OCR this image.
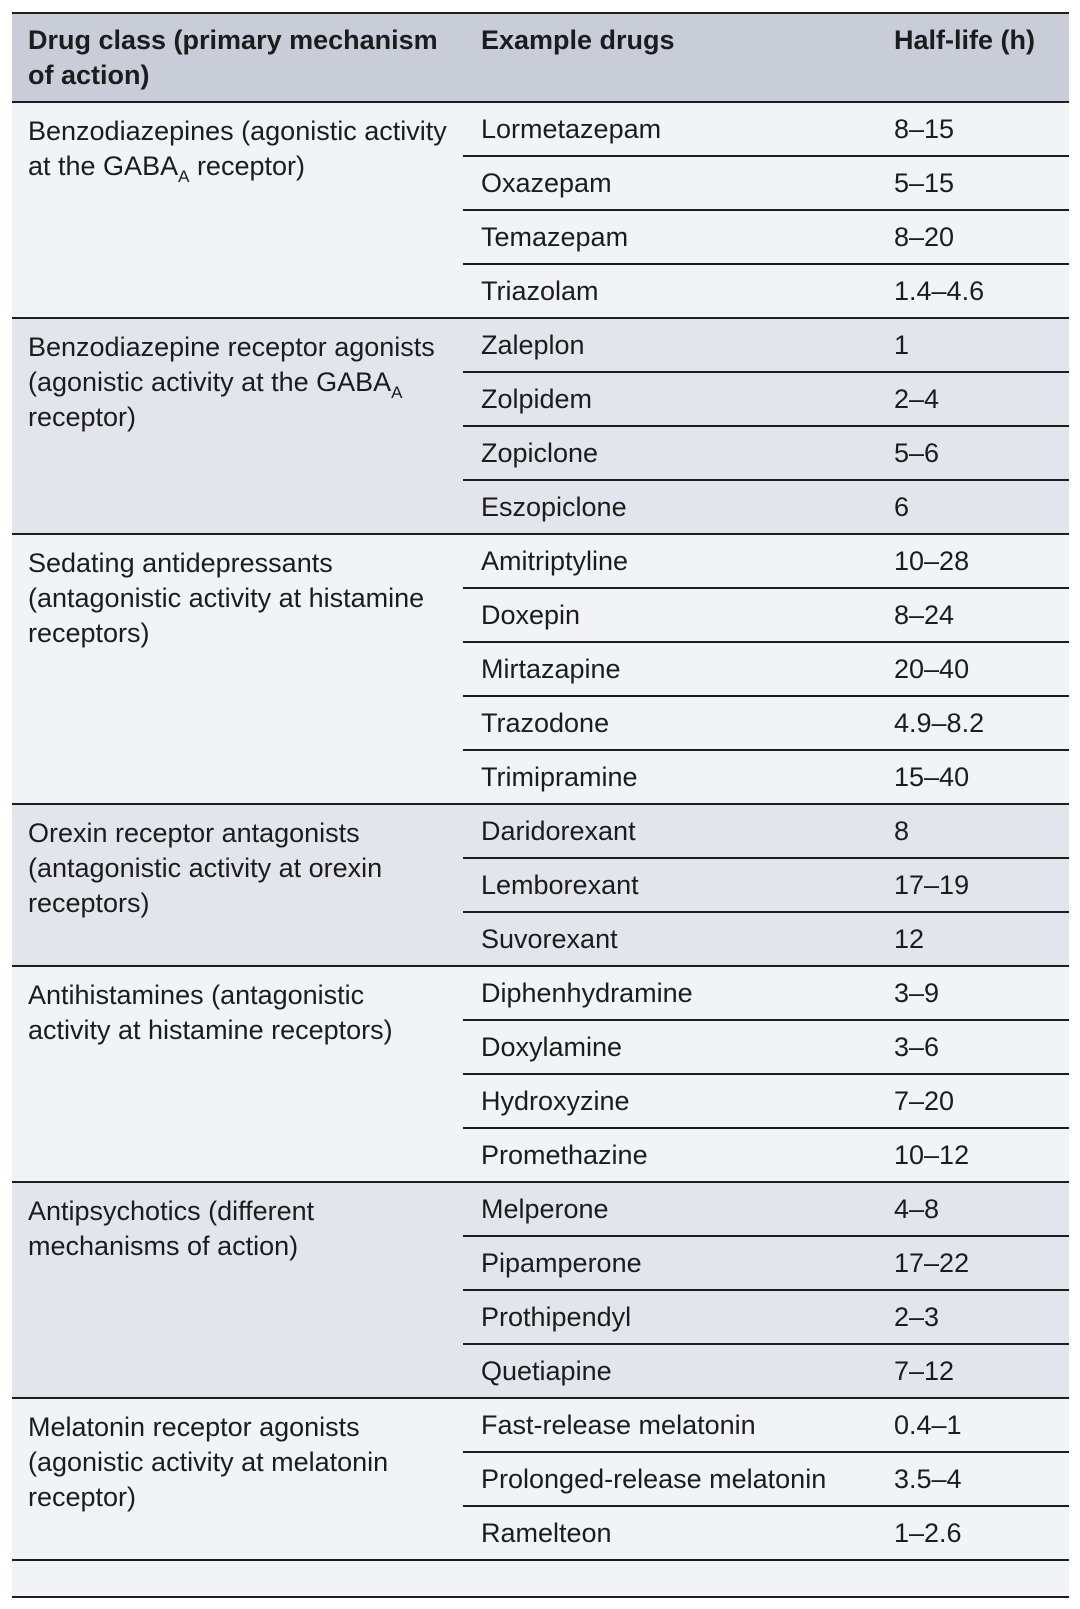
Drug class (primary mechanism of action)	Example drugs	Half-life (h)
Benzodiazepines (agonistic activity at the $GABA_A$ receptor)	Lormetazepam	8–15
	Oxazepam	5–15
	Temazepam	8–20
	Triazolam	1.4–4.6
Benzodiazepine receptor agonists (agonistic activity at the $GABA_A$ receptor)	Zaleplon	1
	Zolpidem	2–4
	Zopiclone	5–6
	Eszopiclone	6
Sedating antidepressants (antagonistic activity at histamine receptors)	Amitriptyline	10–28
	Doxepin	8–24
	Mirtazapine	20–40
	Trazodone	4.9–8.2
	Trimipramine	15–40
Orexin receptor antagonists (antagonistic activity at orexin receptors)	Daridorexant	8
	Lemborexant	17–19
	Suvorexant	12
Antihistamines (antagonistic activity at histamine receptors)	Diphenhydramine	3–9
	Doxylamine	3–6
	Hydroxyzine	7–20
	Promethazine	10–12
Antipsychotics (different mechanisms of action)	Melperone	4–8
	Pipamperone	17–22
	Prothipendyl	2–3
	Quetiapine	7–12
Melatonin receptor agonists (agonistic activity at melatonin receptor)	Fast-release melatonin	0.4–1
	Prolonged-release melatonin	3.5–4
	Ramelteon	1–2.6
